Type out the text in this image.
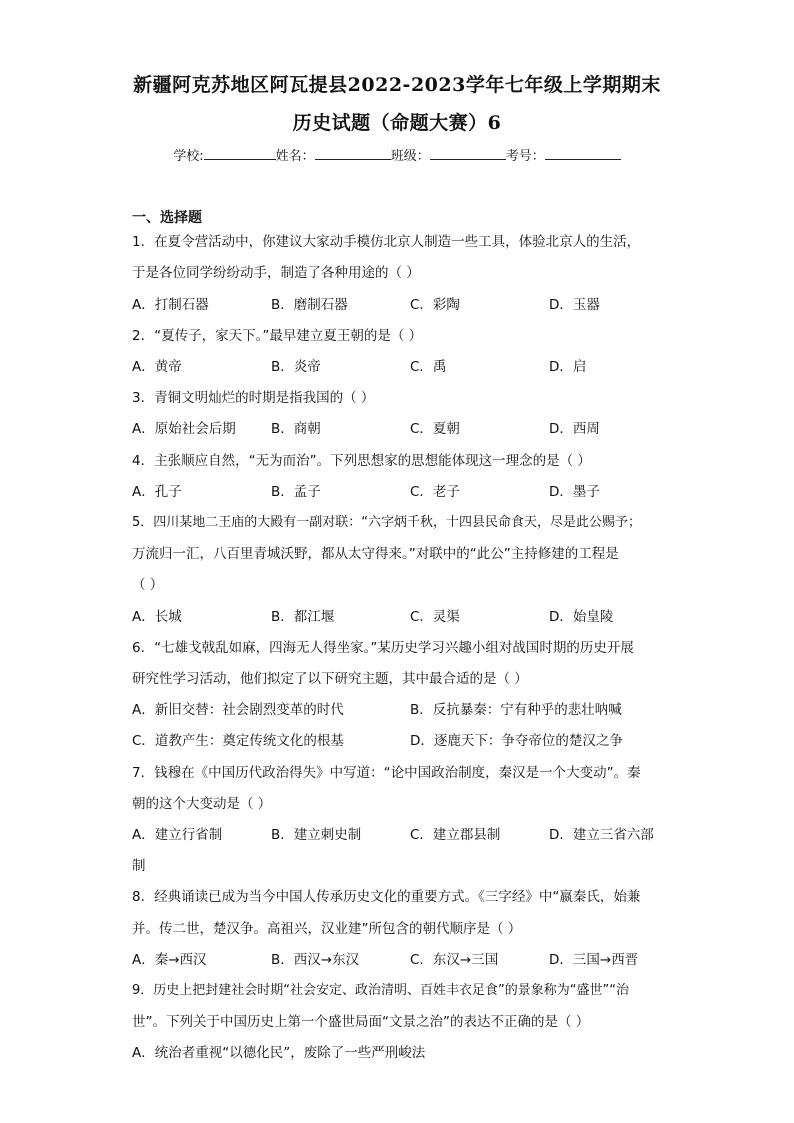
新疆阿克苏地区阿瓦提县2022-2023学年七年级上学期期末
历史试题（命题大赛）6
学校:	姓名：	班级：	考号：
一、选择题
1．在夏令营活动中，你建议大家动手模仿北京人制造一些工具，体验北京人的生活，
于是各位同学纷纷动手，制造了各种用途的（ ）
A．打制石器	B．磨制石器	C．彩陶	D．玉器
2．“夏传子，家天下。”最早建立夏王朝的是（ ）
A．黄帝	B．炎帝	C．禹	D．启
3．青铜文明灿烂的时期是指我国的（ ）
A．原始社会后期	B．商朝	C．夏朝	D．西周
4．主张顺应自然，“无为而治”。下列思想家的思想能体现这一理念的是（ ）
A．孔子	B．孟子	C．老子	D．墨子
5．四川某地二王庙的大殿有一副对联：“六字炳千秋，十四县民命食天，尽是此公赐予；
万流归一汇，八百里青城沃野，都从太守得来。”对联中的“此公”主持修建的工程是
（ ）
A．长城	B．都江堰	C．灵渠	D．始皇陵
6．“七雄戈戟乱如麻，四海无人得坐家。”某历史学习兴趣小组对战国时期的历史开展
研究性学习活动，他们拟定了以下研究主题，其中最合适的是（ ）
A．新旧交替：社会剧烈变革的时代	B．反抗暴秦：宁有种乎的悲壮呐喊
C．道教产生：奠定传统文化的根基	D．逐鹿天下：争夺帝位的楚汉之争
7．钱穆在《中国历代政治得失》中写道：“论中国政治制度，秦汉是一个大变动”。秦
朝的这个大变动是（ ）
A．建立行省制	B．建立刺史制	C．建立郡县制	D．建立三省六部
制
8．经典诵读已成为当今中国人传承历史文化的重要方式。《三字经》中“嬴秦氏，始兼
并。传二世，楚汉争。高祖兴，汉业建”所包含的朝代顺序是（ ）
A．秦→西汉	B．西汉→东汉	C．东汉→三国	D．三国→西晋
9．历史上把封建社会时期“社会安定、政治清明、百姓丰衣足食”的景象称为“盛世”“治
世”。下列关于中国历史上第一个盛世局面“文景之治”的表达不正确的是（ ）
A．统治者重视“以德化民”，废除了一些严刑峻法
